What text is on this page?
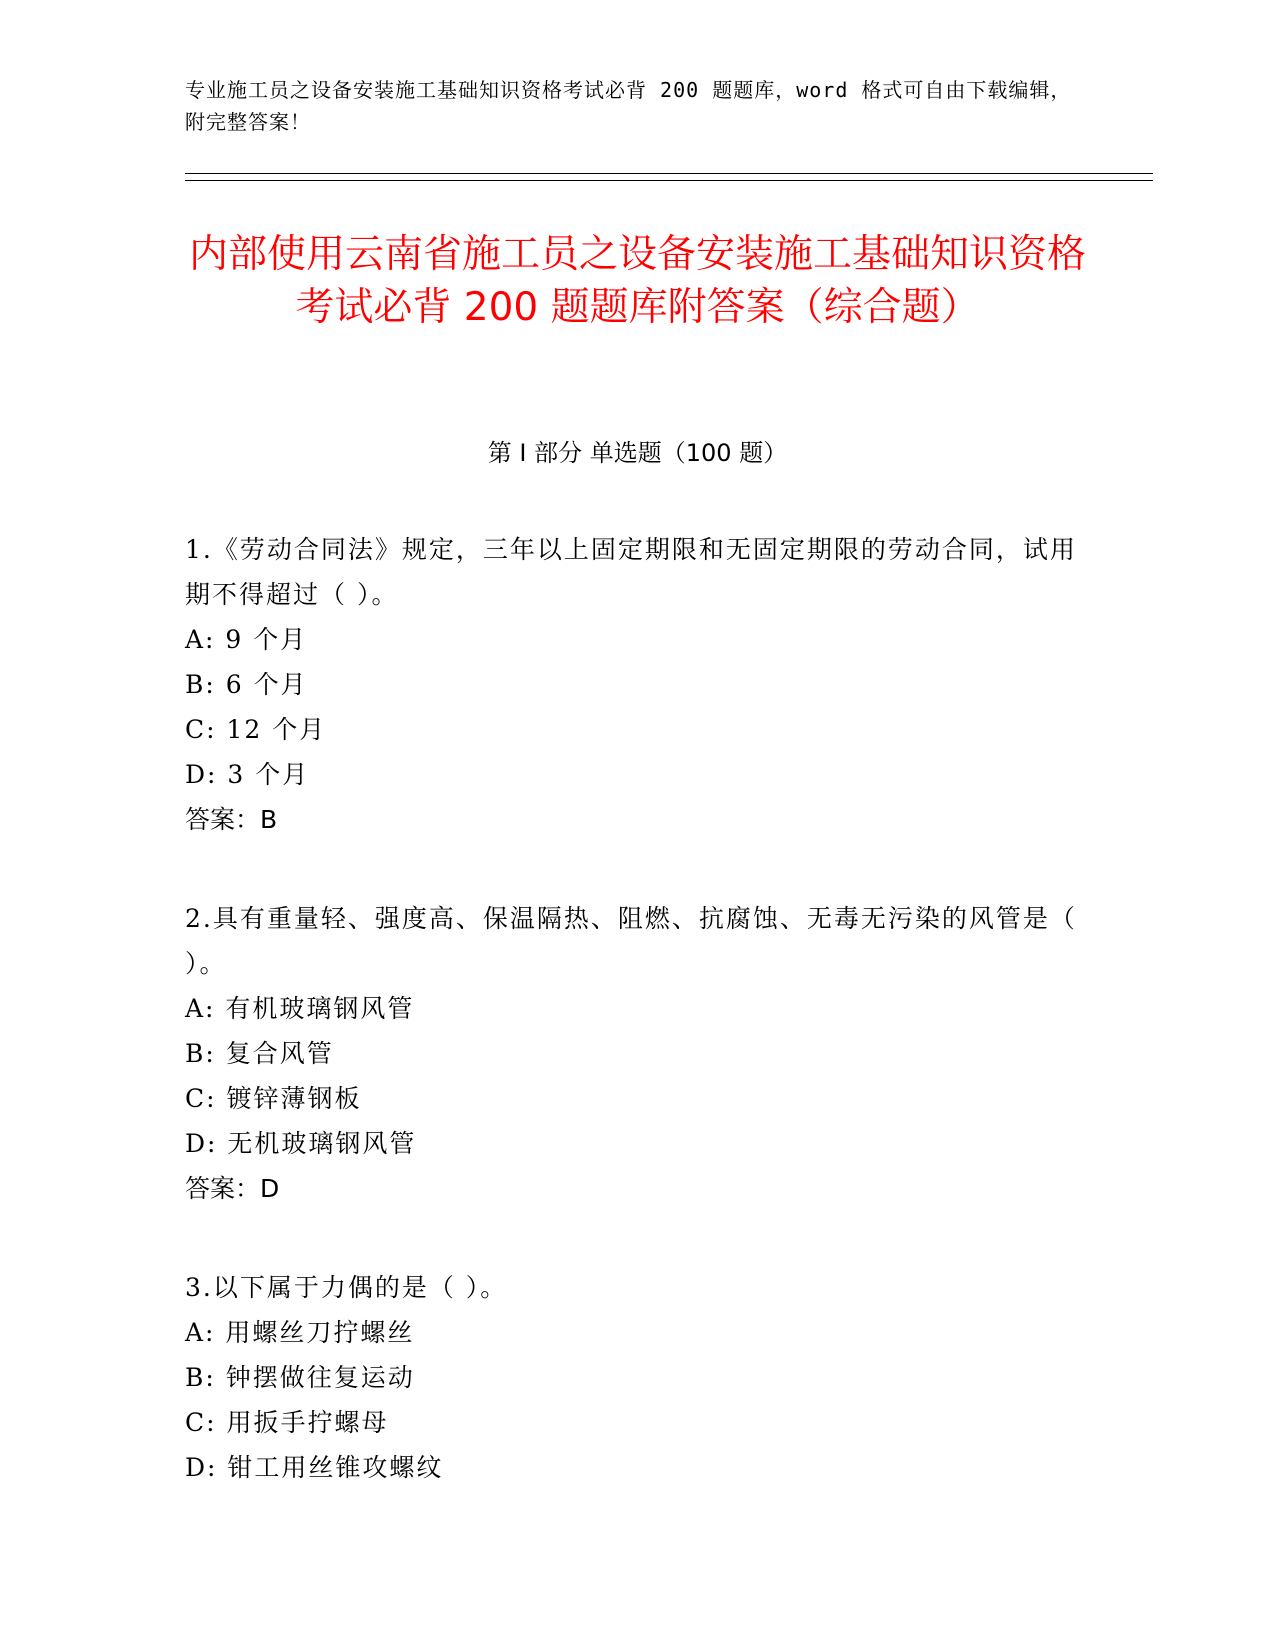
专业施工员之设备安装施工基础知识资格考试必背 200 题题库，word 格式可自由下载编辑，附完整答案！
内部使用云南省施工员之设备安装施工基础知识资格考试必背 200 题题库附答案（综合题）
第 I 部分 单选题（100 题）
1.《劳动合同法》规定，三年以上固定期限和无固定期限的劳动合同，试用期不得超过（ ）。
A: 9 个月
B: 6 个月
C: 12 个月
D: 3 个月
答案：B
2.具有重量轻、强度高、保温隔热、阻燃、抗腐蚀、无毒无污染的风管是（ ）。
A: 有机玻璃钢风管
B: 复合风管
C: 镀锌薄钢板
D: 无机玻璃钢风管
答案：D
3.以下属于力偶的是（ ）。
A: 用螺丝刀拧螺丝
B: 钟摆做往复运动
C: 用扳手拧螺母
D: 钳工用丝锥攻螺纹
